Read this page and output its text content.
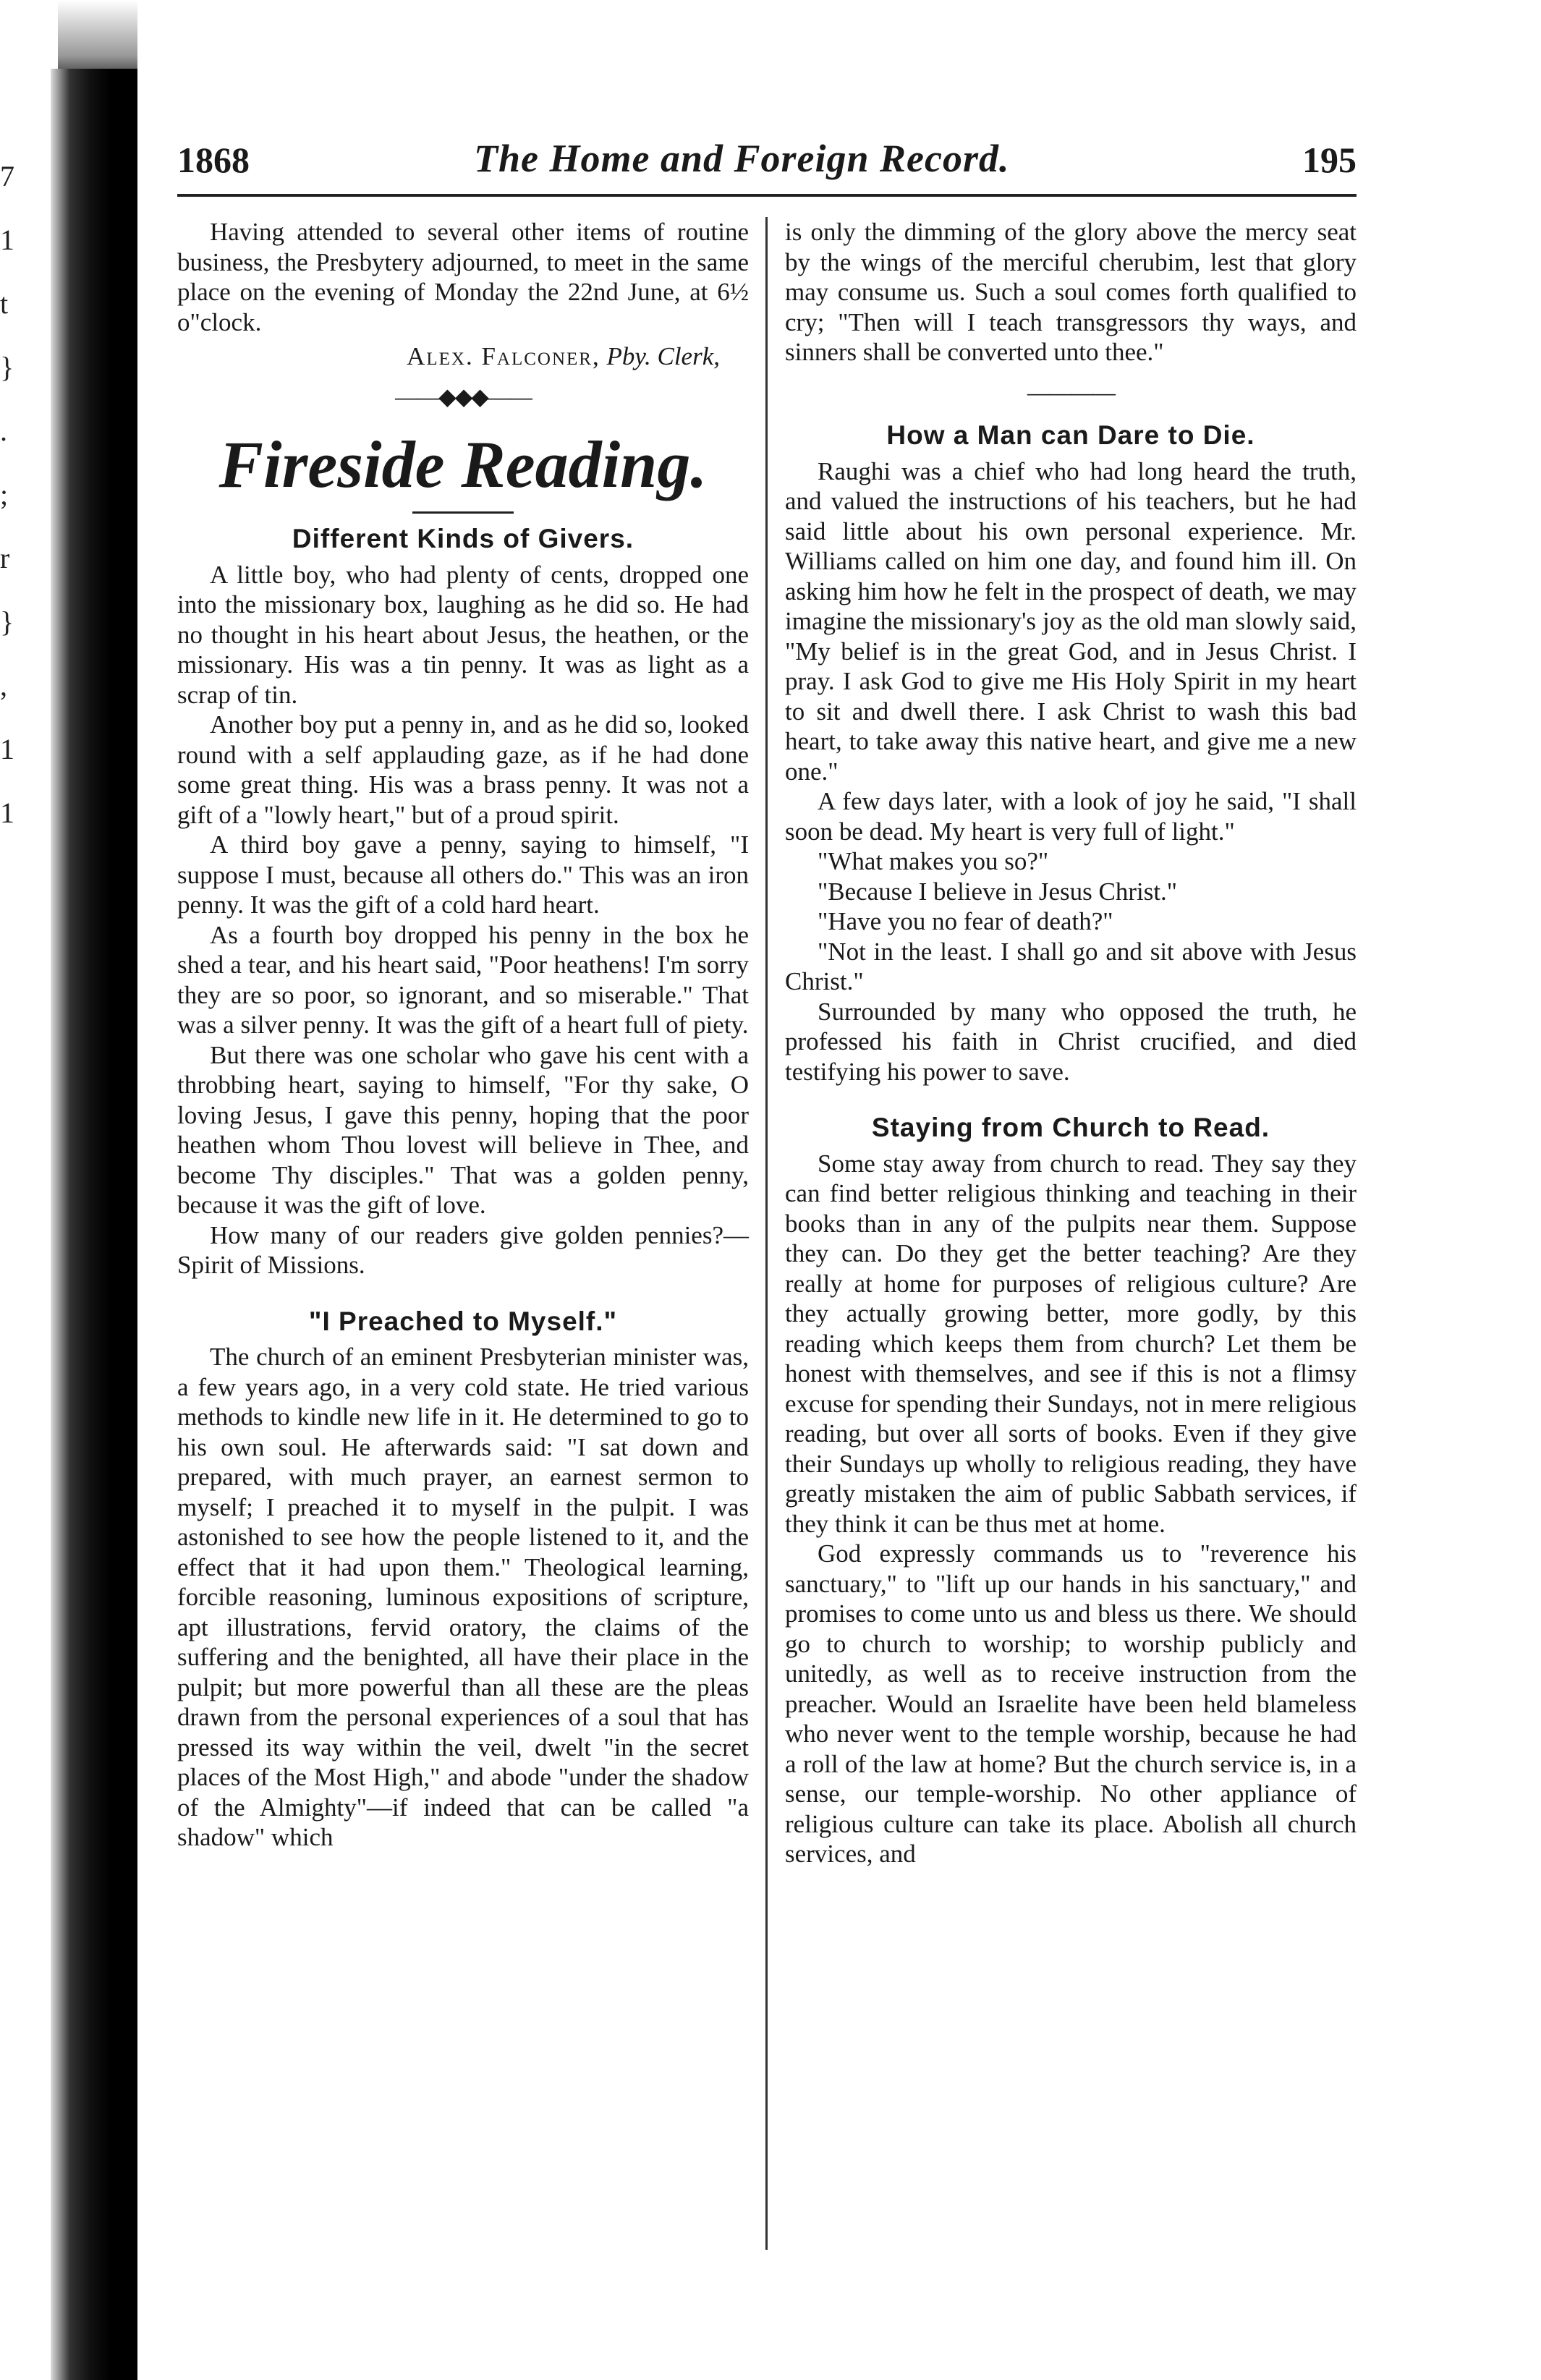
7
1
t
}
.
;
r
}
,
1
1
1868	The Home and Foreign Record.	195

Having attended to several other items of routine business, the Presbytery adjourned, to meet in the same place on the evening of Monday the 22nd June, at 6½ o"clock.

Alex. Falconer, Pby. Clerk,
——◆◆◆——
Fireside Reading.
Different Kinds of Givers.

A little boy, who had plenty of cents, dropped one into the missionary box, laughing as he did so. He had no thought in his heart about Jesus, the heathen, or the missionary. His was a tin penny. It was as light as a scrap of tin.

Another boy put a penny in, and as he did so, looked round with a self applauding gaze, as if he had done some great thing. His was a brass penny. It was not a gift of a "lowly heart," but of a proud spirit.

A third boy gave a penny, saying to himself, "I suppose I must, because all others do." This was an iron penny. It was the gift of a cold hard heart.

As a fourth boy dropped his penny in the box he shed a tear, and his heart said, "Poor heathens! I'm sorry they are so poor, so ignorant, and so miserable." That was a silver penny. It was the gift of a heart full of piety.

But there was one scholar who gave his cent with a throbbing heart, saying to himself, "For thy sake, O loving Jesus, I gave this penny, hoping that the poor heathen whom Thou lovest will believe in Thee, and become Thy disciples." That was a golden penny, because it was the gift of love.

How many of our readers give golden pennies?—Spirit of Missions.

"I Preached to Myself."

The church of an eminent Presbyterian minister was, a few years ago, in a very cold state. He tried various methods to kindle new life in it. He determined to go to his own soul. He afterwards said: "I sat down and prepared, with much prayer, an earnest sermon to myself; I preached it to myself in the pulpit. I was astonished to see how the people listened to it, and the effect that it had upon them." Theological learning, forcible reasoning, luminous expositions of scripture, apt illustrations, fervid oratory, the claims of the suffering and the benighted, all have their place in the pulpit; but more powerful than all these are the pleas drawn from the personal experiences of a soul that has pressed its way within the veil, dwelt "in the secret places of the Most High," and abode "under the shadow of the Almighty"—if indeed that can be called "a shadow" which

is only the dimming of the glory above the mercy seat by the wings of the merciful cherubim, lest that glory may consume us. Such a soul comes forth qualified to cry; "Then will I teach transgressors thy ways, and sinners shall be converted unto thee."

————
How a Man can Dare to Die.

Raughi was a chief who had long heard the truth, and valued the instructions of his teachers, but he had said little about his own personal experience. Mr. Williams called on him one day, and found him ill. On asking him how he felt in the prospect of death, we may imagine the missionary's joy as the old man slowly said, "My belief is in the great God, and in Jesus Christ. I pray. I ask God to give me His Holy Spirit in my heart to sit and dwell there. I ask Christ to wash this bad heart, to take away this native heart, and give me a new one."

A few days later, with a look of joy he said, "I shall soon be dead. My heart is very full of light."

"What makes you so?"

"Because I believe in Jesus Christ."

"Have you no fear of death?"

"Not in the least. I shall go and sit above with Jesus Christ."

Surrounded by many who opposed the truth, he professed his faith in Christ crucified, and died testifying his power to save.

Staying from Church to Read.

Some stay away from church to read. They say they can find better religious thinking and teaching in their books than in any of the pulpits near them. Suppose they can. Do they get the better teaching? Are they really at home for purposes of religious culture? Are they actually growing better, more godly, by this reading which keeps them from church? Let them be honest with themselves, and see if this is not a flimsy excuse for spending their Sundays, not in mere religious reading, but over all sorts of books. Even if they give their Sundays up wholly to religious reading, they have greatly mistaken the aim of public Sabbath services, if they think it can be thus met at home.

God expressly commands us to "reverence his sanctuary," to "lift up our hands in his sanctuary," and promises to come unto us and bless us there. We should go to church to worship; to worship publicly and unitedly, as well as to receive instruction from the preacher. Would an Israelite have been held blameless who never went to the temple worship, because he had a roll of the law at home? But the church service is, in a sense, our temple-worship. No other appliance of religious culture can take its place. Abolish all church services, and
